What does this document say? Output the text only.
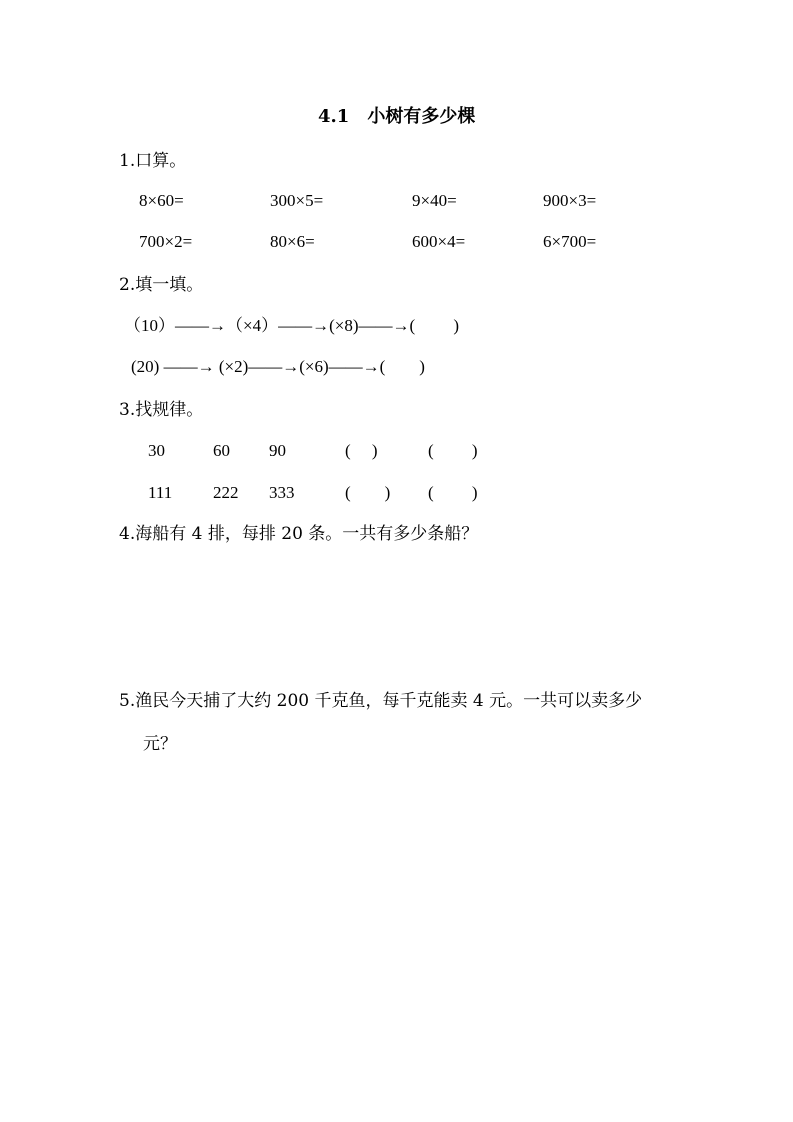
4.1　小树有多少棵
1.口算。
8×60=	300×5=	9×40=	900×3=
700×2=	80×6=	600×4=	6×700=
2.填一填。
（10）——→（×4）——→(×8)——→(　　 )
(20) ——→ (×2)——→(×6)——→(　　)
3.找规律。
30	60 90	(　 )	(　　 )
111 222 333	(　　) (　　 )
4.海船有 4 排，每排 20 条。一共有多少条船？
5.渔民今天捕了大约 200 千克鱼，每千克能卖 4 元。一共可以卖多少
元？
